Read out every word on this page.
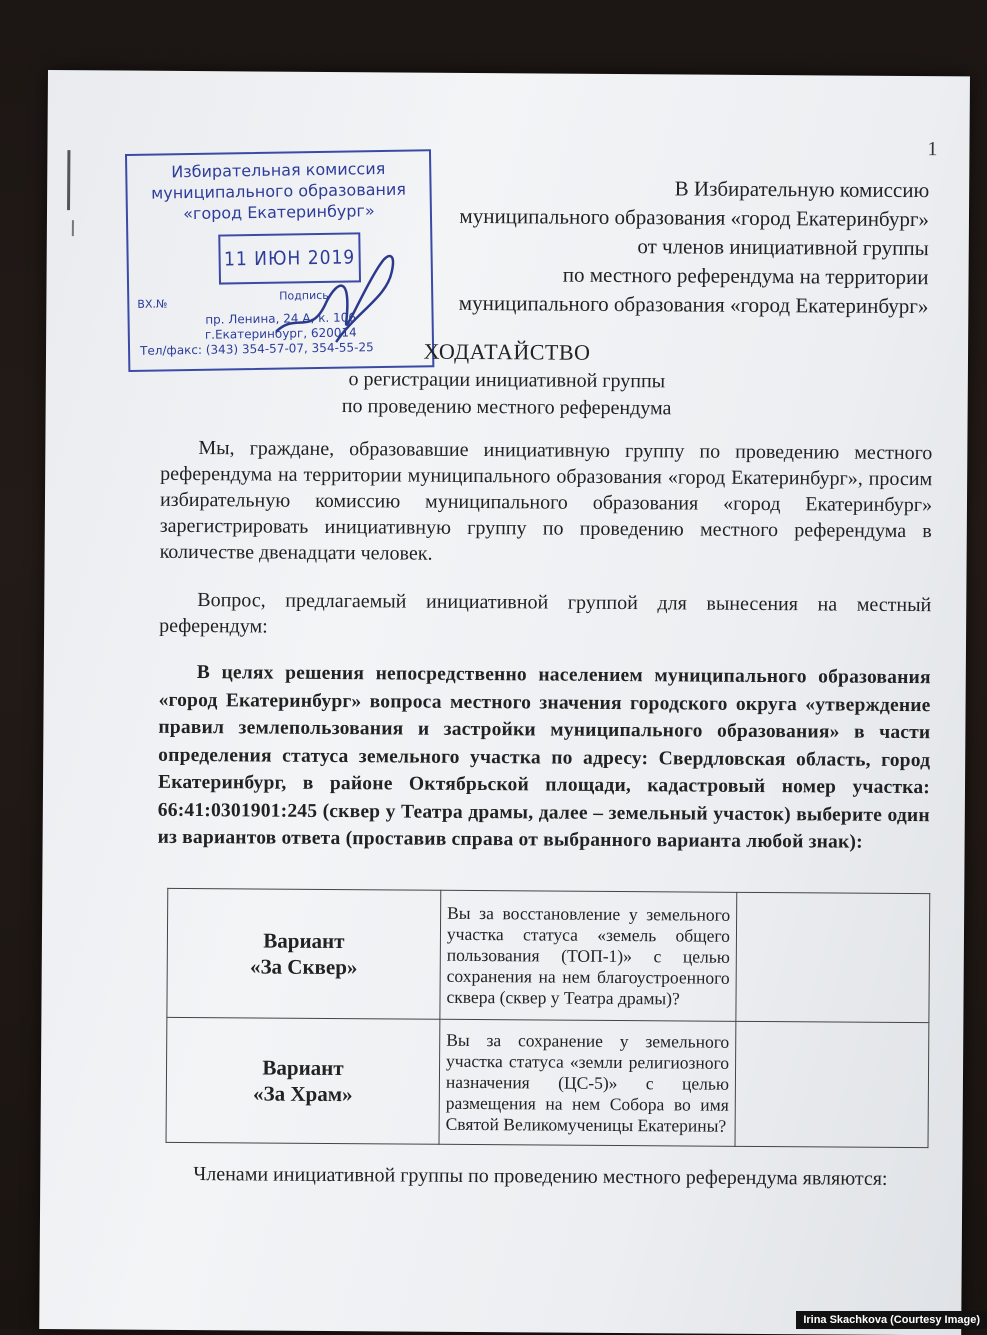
1
Избирательная комиссия
муниципального образования
«город Екатеринбург»
11 ИЮН 2019
ВХ.№
Подпись
пр. Ленина, 24 А, к. 106
г.Екатеринбург, 620014
Тел/факс: (343) 354-57-07, 354-55-25
В Избирательную комиссию
муниципального образования «город Екатеринбург»
от членов инициативной группы
по местного референдума на территории
муниципального образования «город Екатеринбург»
ХОДАТАЙСТВО
о регистрации инициативной группы
по проведению местного референдума
Мы, граждане, образовавшие инициативную группу по проведению местного референдума на территории муниципального образования «город Екатеринбург», просим избирательную комиссию муниципального образования «город Екатеринбург» зарегистрировать инициативную группу по проведению местного референдума в количестве двенадцати человек.
Вопрос, предлагаемый инициативной группой для вынесения на местный референдум:
В целях решения непосредственно населением муниципального образования «город Екатеринбург» вопроса местного значения городского округа «утверждение правил землепользования и застройки муниципального образования» в части определения статуса земельного участка по адресу: Свердловская область, город Екатеринбург, в районе Октябрьской площади, кадастровый номер участка: 66:41:0301901:245 (сквер у Театра драмы, далее – земельный участок) выберите один из вариантов ответа (проставив справа от выбранного варианта любой знак):
Вариант
«За Сквер»	Вы за восстановление у земельного участка статуса «земель общего пользования (ТОП-1)» с целью сохранения на нем благоустроенного сквера (сквер у Театра драмы)?	

Вариант
«За Храм»	Вы за сохранение у земельного участка статуса «земли религиозного назначения (ЦС-5)» с целью размещения на нем Собора во имя Святой Великомученицы Екатерины?	
Членами инициативной группы по проведению местного референдума являются:
Irina Skachkova (Courtesy Image)
